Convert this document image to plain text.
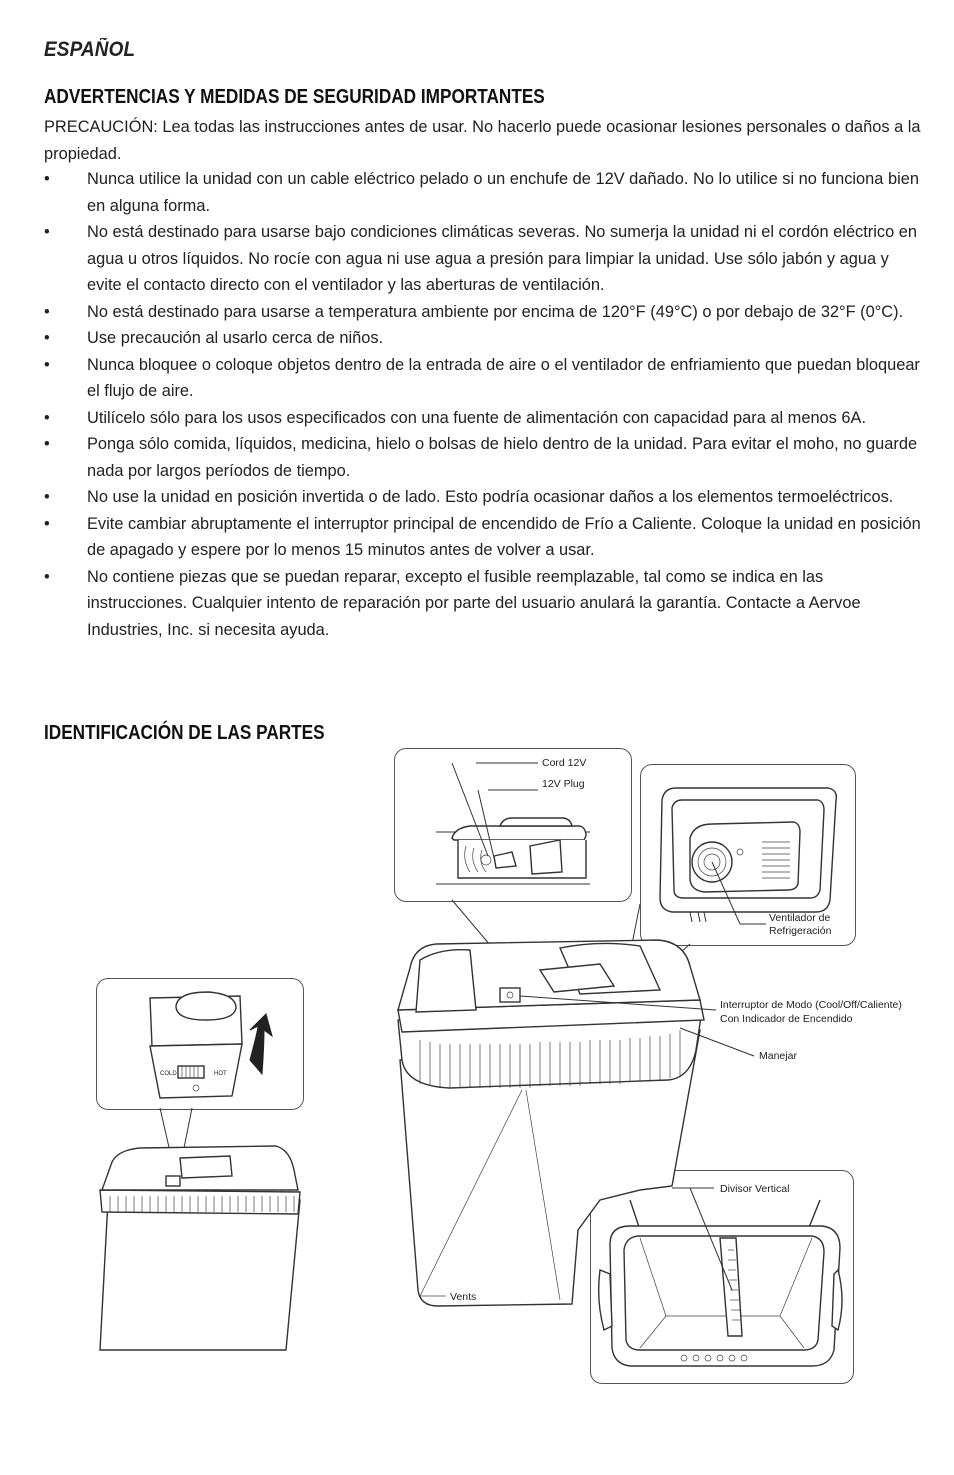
ESPAÑOL
ADVERTENCIAS Y MEDIDAS DE SEGURIDAD IMPORTANTES
PRECAUCIÓN: Lea todas las instrucciones antes de usar. No hacerlo puede ocasionar lesiones personales o daños a la propiedad.
• Nunca utilice la unidad con un cable eléctrico pelado o un enchufe de 12V dañado. No lo utilice si no funciona bien en alguna forma.
• No está destinado para usarse bajo condiciones climáticas severas. No sumerja la unidad ni el cordón eléctrico en agua u otros líquidos. No rocíe con agua ni use agua a presión para limpiar la unidad. Use sólo jabón y agua y evite el contacto directo con el ventilador y las aberturas de ventilación.
• No está destinado para usarse a temperatura ambiente por encima de 120°F (49°C) o por debajo de 32°F (0°C).
• Use precaución al usarlo cerca de niños.
• Nunca bloquee o coloque objetos dentro de la entrada de aire o el ventilador de enfriamiento que puedan bloquear el flujo de aire.
• Utilícelo sólo para los usos especificados con una fuente de alimentación con capacidad para al menos 6A.
• Ponga sólo comida, líquidos, medicina, hielo o bolsas de hielo dentro de la unidad. Para evitar el moho, no guarde nada por largos períodos de tiempo.
• No use la unidad en posición invertida o de lado. Esto podría ocasionar daños a los elementos termoeléctricos.
• Evite cambiar abruptamente el interruptor principal de encendido de Frío a Caliente. Coloque la unidad en posición de apagado y espere por lo menos 15 minutos antes de volver a usar.
• No contiene piezas que se puedan reparar, excepto el fusible reemplazable, tal como se indica en las instrucciones. Cualquier intento de reparación por parte del usuario anulará la garantía. Contacte a Aervoe Industries, Inc. si necesita ayuda.
IDENTIFICACIÓN DE LAS PARTES
Cord 12V
12V Plug
Ventilador de
Refrigeración
Interruptor de Modo (Cool/Off/Caliente)
Con Indicador de Encendido
Manejar
Divisor Vertical
Vents
COLD	HOT
